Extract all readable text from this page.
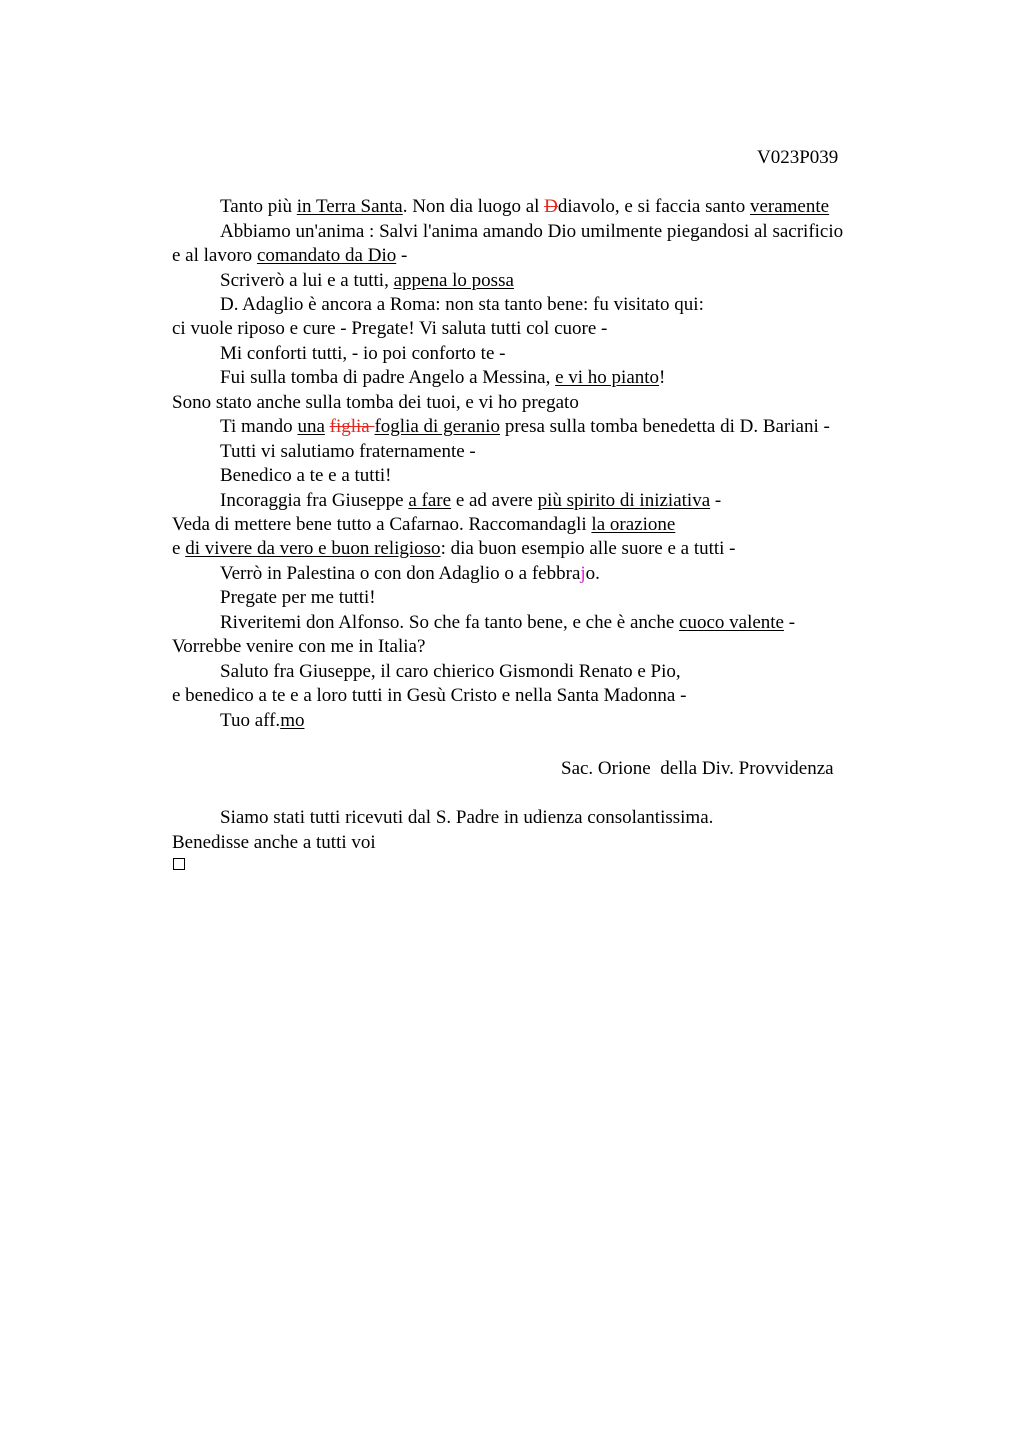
V023P039
Tanto più in Terra Santa. Non dia luogo al Ddiavolo, e si faccia santo veramente
Abbiamo un'anima : Salvi l'anima amando Dio umilmente piegandosi al sacrificio
e al lavoro comandato da Dio -
Scriverò a lui e a tutti, appena lo possa
D. Adaglio è ancora a Roma: non sta tanto bene: fu visitato qui:
ci vuole riposo e cure - Pregate! Vi saluta tutti col cuore -
Mi conforti tutti, - io poi conforto te -
Fui sulla tomba di padre Angelo a Messina, e vi ho pianto!
Sono stato anche sulla tomba dei tuoi, e vi ho pregato
Ti mando una figlia foglia di geranio presa sulla tomba benedetta di D. Bariani -
Tutti vi salutiamo fraternamente -
Benedico a te e a tutti!
Incoraggia fra Giuseppe a fare e ad avere più spirito di iniziativa -
Veda di mettere bene tutto a Cafarnao. Raccomandagli la orazione
e di vivere da vero e buon religioso: dia buon esempio alle suore e a tutti -
Verrò in Palestina o con don Adaglio o a febbrajo.
Pregate per me tutti!
Riveritemi don Alfonso. So che fa tanto bene, e che è anche cuoco valente -
Vorrebbe venire con me in Italia?
Saluto fra Giuseppe, il caro chierico Gismondi Renato e Pio,
e benedico a te e a loro tutti in Gesù Cristo e nella Santa Madonna -
Tuo aff.mo
Sac. Orione  della Div. Provvidenza
Siamo stati tutti ricevuti dal S. Padre in udienza consolantissima.
Benedisse anche a tutti voi
